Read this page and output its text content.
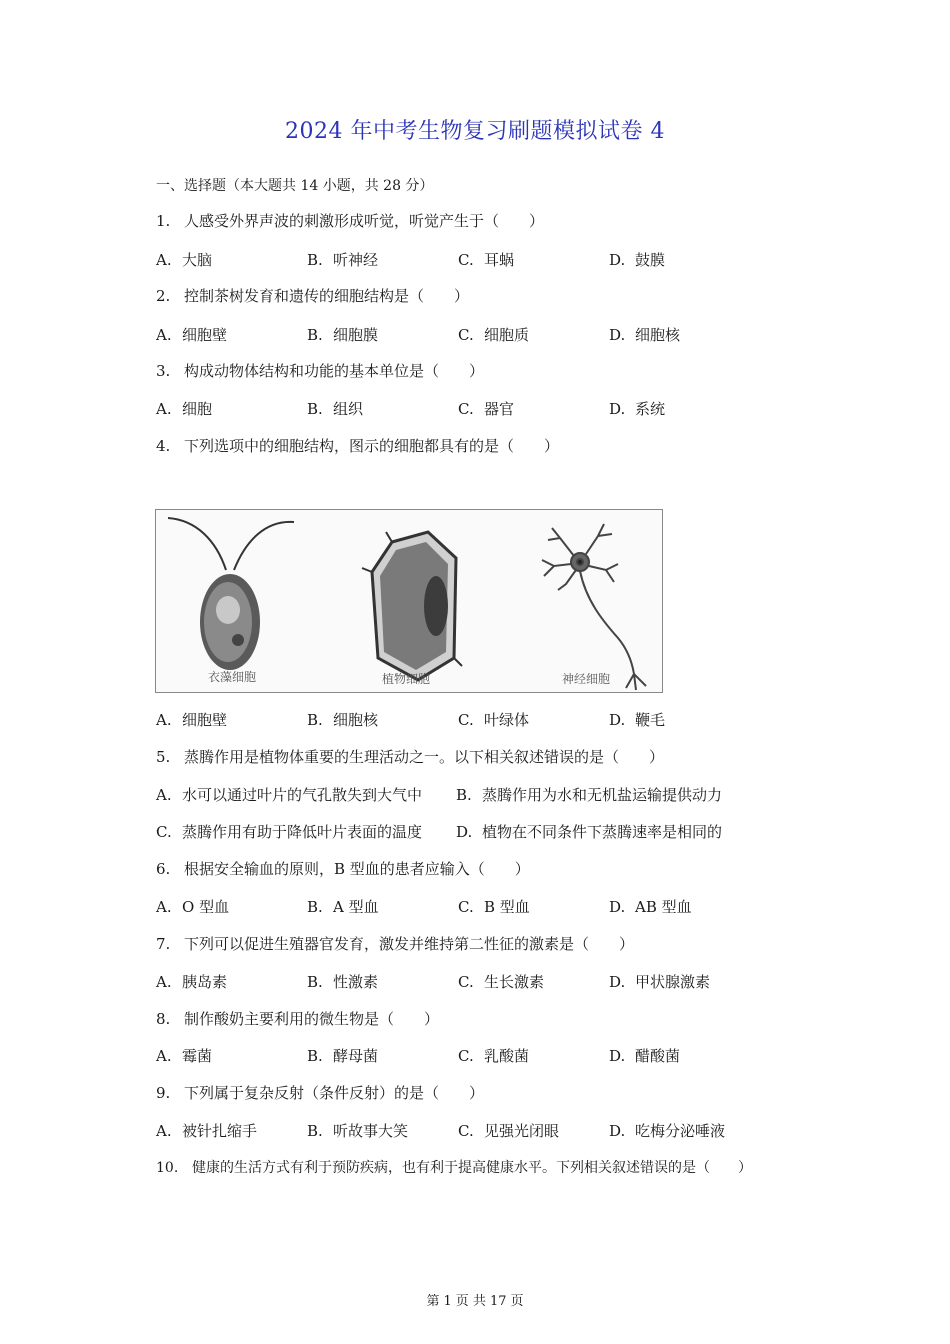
2024 年中考生物复习刷题模拟试卷 4
一、选择题（本大题共 14 小题，共 28 分）
1. 人感受外界声波的刺激形成听觉，听觉产生于（　　）
A. 大脑	B. 听神经	C. 耳蜗	D. 鼓膜
2. 控制茶树发育和遗传的细胞结构是（　　）
A. 细胞壁	B. 细胞膜	C. 细胞质	D. 细胞核
3. 构成动物体结构和功能的基本单位是（　　）
A. 细胞	B. 组织	C. 器官	D. 系统
4. 下列选项中的细胞结构，图示的细胞都具有的是（　　）
衣藻细胞	植物细胞	神经细胞
A. 细胞壁	B. 细胞核	C. 叶绿体	D. 鞭毛
5. 蒸腾作用是植物体重要的生理活动之一。以下相关叙述错误的是（　　）
A. 水可以通过叶片的气孔散失到大气中 B. 蒸腾作用为水和无机盐运输提供动力
C. 蒸腾作用有助于降低叶片表面的温度 D. 植物在不同条件下蒸腾速率是相同的
6. 根据安全输血的原则，B 型血的患者应输入（　　）
A. O 型血	B. A 型血	C. B 型血	D. AB 型血
7. 下列可以促进生殖器官发育，激发并维持第二性征的激素是（　　）
A. 胰岛素	B. 性激素	C. 生长激素	D. 甲状腺激素
8. 制作酸奶主要利用的微生物是（　　）
A. 霉菌	B. 酵母菌	C. 乳酸菌	D. 醋酸菌
9. 下列属于复杂反射（条件反射）的是（　　）
A. 被针扎缩手	B. 听故事大笑	C. 见强光闭眼	D. 吃梅分泌唾液
10. 健康的生活方式有利于预防疾病，也有利于提高健康水平。下列相关叙述错误的是（　　）
第 1 页 共 17 页
